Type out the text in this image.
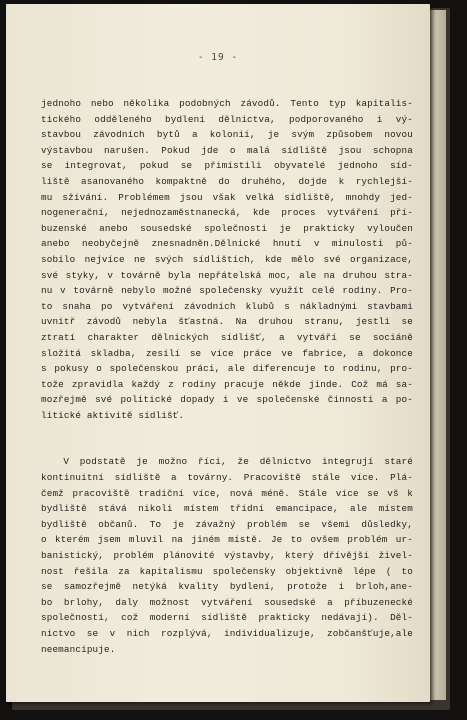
- 19 -
jednoho nebo několika podobných závodů. Tento typ kapitalis-
tického odděleného bydlení dělnictva, podporovaného i vý-
stavbou závodních bytů a kolonií, je svým způsobem novou
výstavbou narušen. Pokud jde o malá sídliště jsou schopna
se integrovat, pokud se přimístili obyvatelé jednoho síd-
liště asanovaného kompaktně do druhého, dojde k rychlejší-
mu sžívání. Problémem jsou však velká sídliště, mnohdy jed-
nogenerační, nejednozaměstnanecká, kde proces vytváření pří-
buzenské anebo sousedské společnosti je prakticky vyloučen
anebo neobyčejně znesnadněn.Dělnické hnutí v minulosti pů-
sobilo nejvíce ne svých sídlištích, kde mělo své organizace,
své styky, v továrně byla nepřátelská moc, ale na druhou stra-
nu v továrně nebylo možné společensky využít celé rodiny. Pro-
to snaha po vytváření závodních klubů s nákladnými stavbami
uvnitř závodů nebyla šťastná. Na druhou stranu, jestli se
ztratí charakter dělnických sídlišť, a vytváří se sociáně
složitá skladba, zesílí se více práce ve fabrice, a dokonce
s pokusy o společenskou práci, ale diferencuje to rodinu, pro-
tože zpravidla každý z rodiny pracuje někde jinde. Což má sa-
mozřejmě své politické dopady i ve společenské činnosti a po-
litické aktivitě sídlišť.
V podstatě je možno říci, že dělnictvo integrují staré
kontinuitní sídliště a továrny. Pracoviště stále více. Plá-
čemž pracoviště tradiční více, nová méně. Stále více se vš k
bydliště stává nikoli místem třídní emancipace, ale místem
bydliště občanů. To je závažný problém se všemi důsledky,
o kterém jsem mluvil na jiném místě. Je to ovšem problém ur-
banistický, problém plánovité výstavby, který dřívější živel-
nost řešila za kapitalismu společensky objektivně lépe ( to
se samozřejmě netýká kvality bydlení, protože i brloh,ane-
bo brlohy, daly možnost vytváření sousedské a příbuzenecké
společnosti, což moderní sídliště prakticky nedávají). Děl-
nictvo se v nich rozplývá, individualizuje, zobčanšťuje,ale
neemancipuje.
